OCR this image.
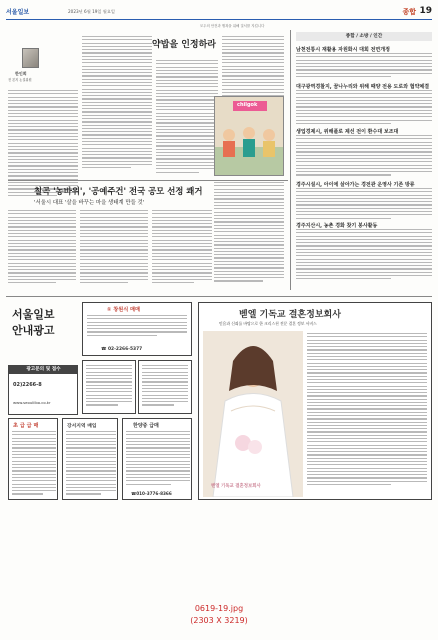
서울일보	2023년 6월 19일 월요일	종합 19
모두의 안전과 행복을 위해 질서를 지킵니다
약밥을 인정하라
한인희
전 본지 논설위원
칠곡 '농바위', '공예주건' 전국 공모 선정 쾌거
'서울시 대표 '살을 바꾸는 마을 생태계 만들 것'
chilgok
종합 / 소방 / 인간
남천전통시 재활용 자원화시 대회 전면개정
대구광역경찰지, 꿈나누리와 위해 때양 전용 도로와 협약체결
생업경제시, 위해플로 제선 전이 환수대 보조대
경주시설시, 아이에 살아가는 경전관 운영사 기존 방류
경주지산시, 농촌 경화 찾기 봉사활동
서울일보
안내광고
광고문의 및 접수
02)2266-8
www.seoulilbo.co.kr
① 창원식 매매
☎ 02-2266-5377
초 급 급 매	강서지역 매입	한양중 급매
☎010-3776-8366
벧엘 기독교 결혼정보회사
믿음과 신뢰를 바탕으로 한 크리스천 전문 결혼 정보 서비스
벧엘 기독교 결혼정보회사
0619-19.jpg
(2303 X 3219)
